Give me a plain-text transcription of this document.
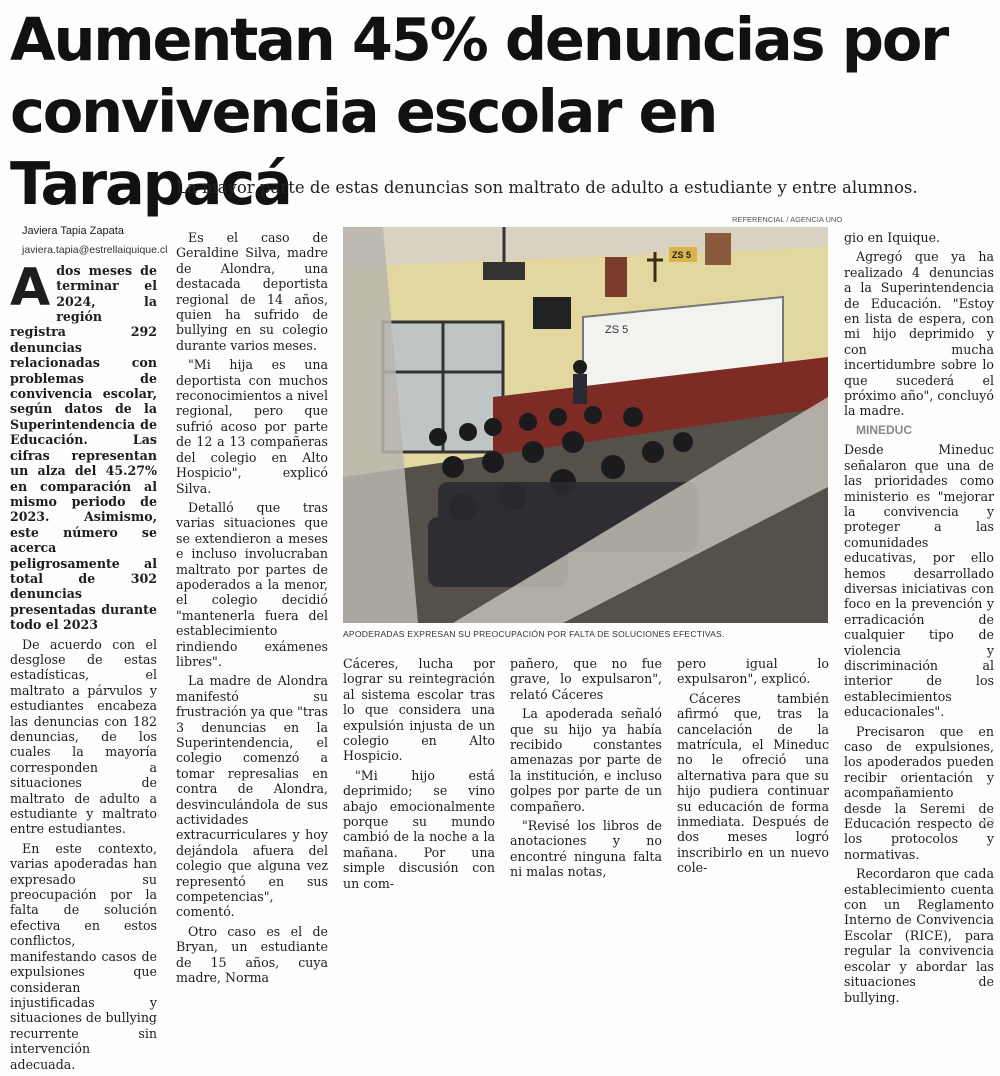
Aumentan 45% denuncias por convivencia escolar en Tarapacá

La mayor parte de estas denuncias son maltrato de adulto a estudiante y entre alumnos.

Javiera Tapia Zapata

javiera.tapia@estrellaiquique.cl

Ados meses de terminar el 2024, la región registra 292 denuncias relacionadas con problemas de convivencia escolar, según datos de la Superintendencia de Educación. Las cifras representan un alza del 45.27% en comparación al mismo periodo de 2023. Asimismo, este número se acerca peligrosamente al total de 302 denuncias presentadas durante todo el 2023

De acuerdo con el desglose de estas estadísticas, el maltrato a párvulos y estudiantes encabeza las denuncias con 182 denuncias, de los cuales la mayoría corresponden a situaciones de maltrato de adulto a estudiante y maltrato entre estudiantes.

En este contexto, varias apoderadas han expresado su preocupación por la falta de solución efectiva en estos conflictos, manifestando casos de expulsiones que consideran injustificadas y situaciones de bullying recurrente sin intervención adecuada.

Es el caso de Geraldine Silva, madre de Alondra, una destacada deportista regional de 14 años, quien ha sufrido de bullying en su colegio durante varios meses.

"Mi hija es una deportista con muchos reconocimientos a nivel regional, pero que sufrió acoso por parte de 12 a 13 compañeras del colegio en Alto Hospicio", explicó Silva.

Detalló que tras varias situaciones que se extendieron a meses e incluso involucraban maltrato por partes de apoderados a la menor, el colegio decidió "mantenerla fuera del establecimiento rindiendo exámenes libres".

La madre de Alondra manifestó su frustración ya que "tras 3 denuncias en la Superintendencia, el colegio comenzó a tomar represalias en contra de Alondra, desvinculándola de sus actividades extracurriculares y hoy dejándola afuera del colegio que alguna vez representó en sus competencias", comentó.

Otro caso es el de Bryan, un estudiante de 15 años, cuya madre, Norma

REFERENCIAL / AGENCIA UNO
ZS 5
ZS 5
APODERADAS EXPRESAN SU PREOCUPACIÓN POR FALTA DE SOLUCIONES EFECTIVAS.

Cáceres, lucha por lograr su reintegración al sistema escolar tras lo que considera una expulsión injusta de un colegio en Alto Hospicio.

"Mi hijo está deprimido; se vino abajo emocionalmente porque su mundo cambió de la noche a la mañana. Por una simple discusión con un com-

pañero, que no fue grave, lo expulsaron", relató Cáceres

La apoderada señaló que su hijo ya había recibido constantes amenazas por parte de la institución, e incluso golpes por parte de un compañero.

"Revisé los libros de anotaciones y no encontré ninguna falta ni malas notas,

pero igual lo expulsaron", explicó.

Cáceres también afirmó que, tras la cancelación de la matrícula, el Mineduc no le ofreció una alternativa para que su hijo pudiera continuar su educación de forma inmediata. Después de dos meses logró inscribirlo en un nuevo cole-

gio en Iquique.

Agregó que ya ha realizado 4 denuncias a la Superintendencia de Educación. "Estoy en lista de espera, con mi hijo deprimido y con mucha incertidumbre sobre lo que sucederá el próximo año", concluyó la madre.

MINEDUC

Desde Mineduc señalaron que una de las prioridades como ministerio es "mejorar la convivencia y proteger a las comunidades educativas, por ello hemos desarrollado diversas iniciativas con foco en la prevención y erradicación de cualquier tipo de violencia y discriminación al interior de los establecimientos educacionales".

Precisaron que en caso de expulsiones, los apoderados pueden recibir orientación y acompañamiento desde la Seremi de Educación respecto de los protocolos y normativas.

Recordaron que cada establecimiento cuenta con un Reglamento Interno de Convivencia Escolar (RICE), para regular la convivencia escolar y abordar las situaciones de bullying.
